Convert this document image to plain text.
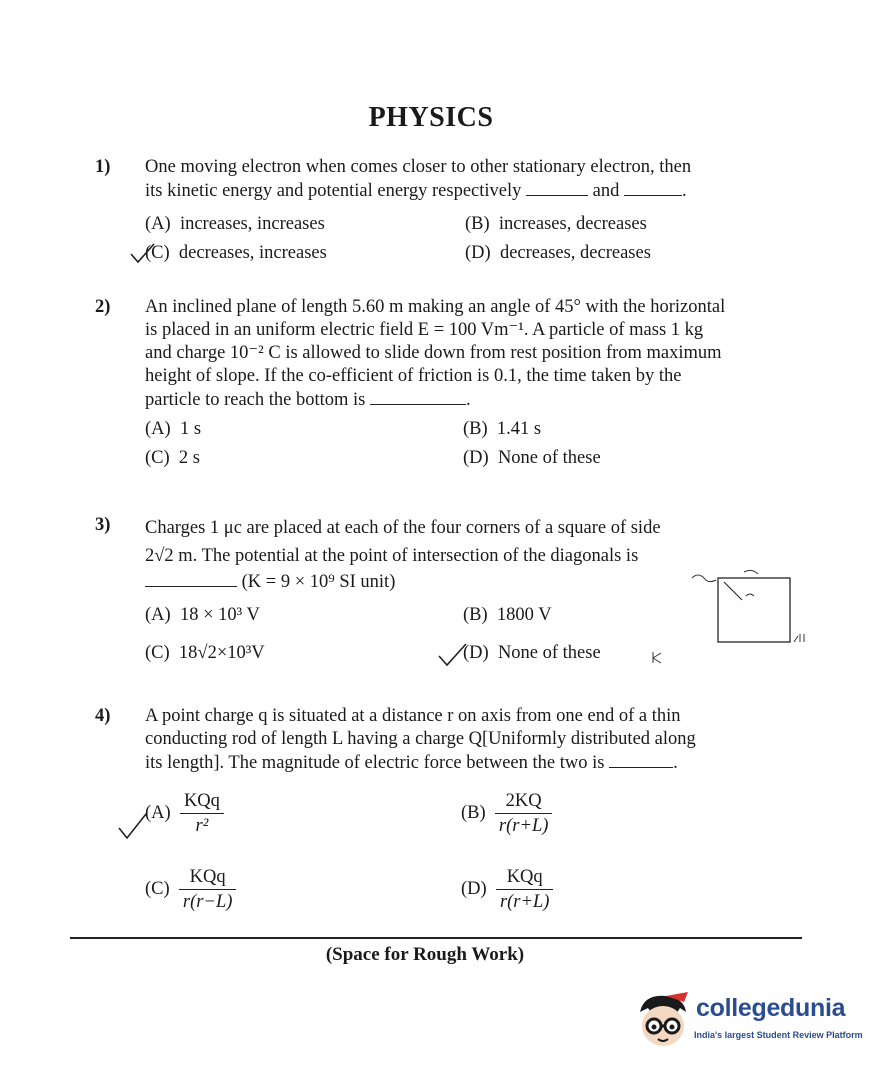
PHYSICS
1) One moving electron when comes closer to other stationary electron, then
its kinetic energy and potential energy respectively	and	.
(A) increases, increases	(B) increases, decreases
(C) decreases, increases	(D) decreases, decreases
2) An inclined plane of length 5.60 m making an angle of 45° with the horizontal
is placed in an uniform electric field E = 100 Vm⁻¹. A particle of mass 1 kg
and charge 10⁻² C is allowed to slide down from rest position from maximum
height of slope. If the co-efficient of friction is 0.1, the time taken by the
particle to reach the bottom is	.
(A) 1 s	(B) 1.41 s
(C) 2 s	(D) None of these
3) Charges 1 μc are placed at each of the four corners of a square of side
2√2 m. The potential at the point of intersection of the diagonals is
(K = 9 × 10⁹ SI unit)
(A) 18 × 10³ V	(B) 1800 V
(C) 18√2×10³V	(D) None of these
4) A point charge q is situated at a distance r on axis from one end of a thin
conducting rod of length L having a charge Q[Uniformly distributed along
its length]. The magnitude of electric force between the two is	.
$(A) \frac{\text{KQq}}{\text{r²}}$	$(B) \frac{2KQ}{r(r+L)}$
$(C) \frac{\text{KQq}}{r(r-L)}$	$(D) \frac{\text{KQq}}{r(r+L)}$
(Space for Rough Work)
collegedunia
India's largest Student Review Platform
